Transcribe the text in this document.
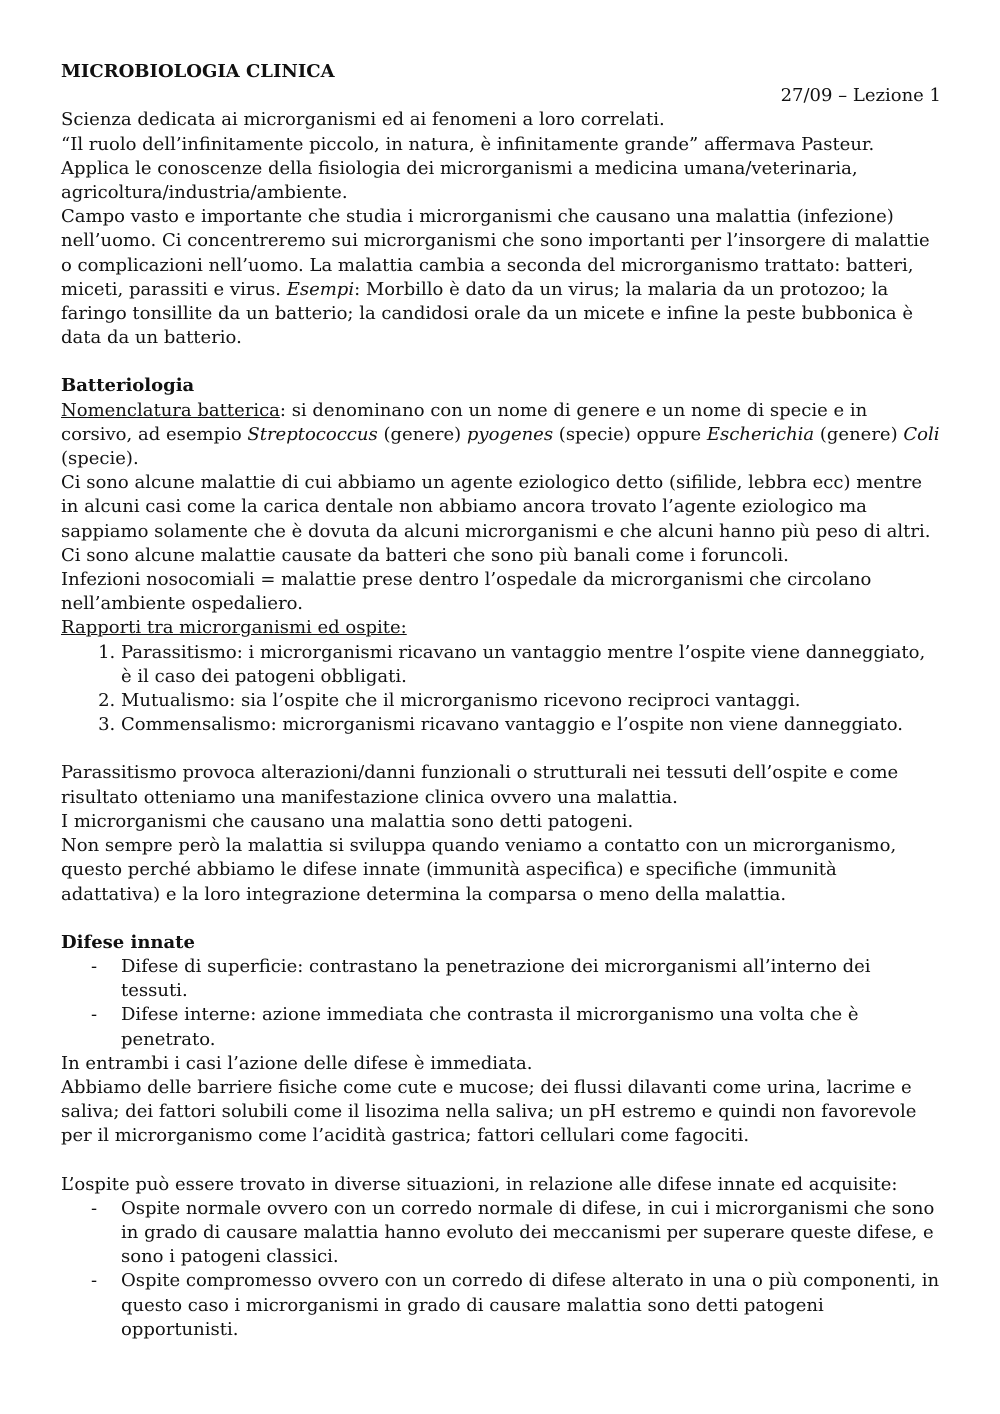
MICROBIOLOGIA CLINICA

27/09 – Lezione 1

Scienza dedicata ai microrganismi ed ai fenomeni a loro correlati.

“Il ruolo dell’infinitamente piccolo, in natura, è infinitamente grande” affermava Pasteur.

Applica le conoscenze della fisiologia dei microrganismi a medicina umana/veterinaria, agricoltura/industria/ambiente.

Campo vasto e importante che studia i microrganismi che causano una malattia (infezione) nell’uomo. Ci concentreremo sui microrganismi che sono importanti per l’insorgere di malattie o complicazioni nell’uomo. La malattia cambia a seconda del microrganismo trattato: batteri, miceti, parassiti e virus. Esempi: Morbillo è dato da un virus; la malaria da un protozoo; la faringo tonsillite da un batterio; la candidosi orale da un micete e infine la peste bubbonica è data da un batterio.

Batteriologia

Nomenclatura batterica: si denominano con un nome di genere e un nome di specie e in corsivo, ad esempio Streptococcus (genere) pyogenes (specie) oppure Escherichia (genere) Coli (specie).

Ci sono alcune malattie di cui abbiamo un agente eziologico detto (sifilide, lebbra ecc) mentre in alcuni casi come la carica dentale non abbiamo ancora trovato l’agente eziologico ma sappiamo solamente che è dovuta da alcuni microrganismi e che alcuni hanno più peso di altri.

Ci sono alcune malattie causate da batteri che sono più banali come i foruncoli.

Infezioni nosocomiali = malattie prese dentro l’ospedale da microrganismi che circolano nell’ambiente ospedaliero.

Rapporti tra microrganismi ed ospite:

1. Parassitismo: i microrganismi ricavano un vantaggio mentre l’ospite viene danneggiato, è il caso dei patogeni obbligati.
2. Mutualismo: sia l’ospite che il microrganismo ricevono reciproci vantaggi.
3. Commensalismo: microrganismi ricavano vantaggio e l’ospite non viene danneggiato.

Parassitismo provoca alterazioni/danni funzionali o strutturali nei tessuti dell’ospite e come risultato otteniamo una manifestazione clinica ovvero una malattia.

I microrganismi che causano una malattia sono detti patogeni.

Non sempre però la malattia si sviluppa quando veniamo a contatto con un microrganismo, questo perché abbiamo le difese innate (immunità aspecifica) e specifiche (immunità adattativa) e la loro integrazione determina la comparsa o meno della malattia.

Difese innate

- Difese di superficie: contrastano la penetrazione dei microrganismi all’interno dei tessuti.
- Difese interne: azione immediata che contrasta il microrganismo una volta che è penetrato.

In entrambi i casi l’azione delle difese è immediata.

Abbiamo delle barriere fisiche come cute e mucose; dei flussi dilavanti come urina, lacrime e saliva; dei fattori solubili come il lisozima nella saliva; un pH estremo e quindi non favorevole per il microrganismo come l’acidità gastrica; fattori cellulari come fagociti.

L’ospite può essere trovato in diverse situazioni, in relazione alle difese innate ed acquisite:

- Ospite normale ovvero con un corredo normale di difese, in cui i microrganismi che sono in grado di causare malattia hanno evoluto dei meccanismi per superare queste difese, e sono i patogeni classici.
- Ospite compromesso ovvero con un corredo di difese alterato in una o più componenti, in questo caso i microrganismi in grado di causare malattia sono detti patogeni opportunisti.
